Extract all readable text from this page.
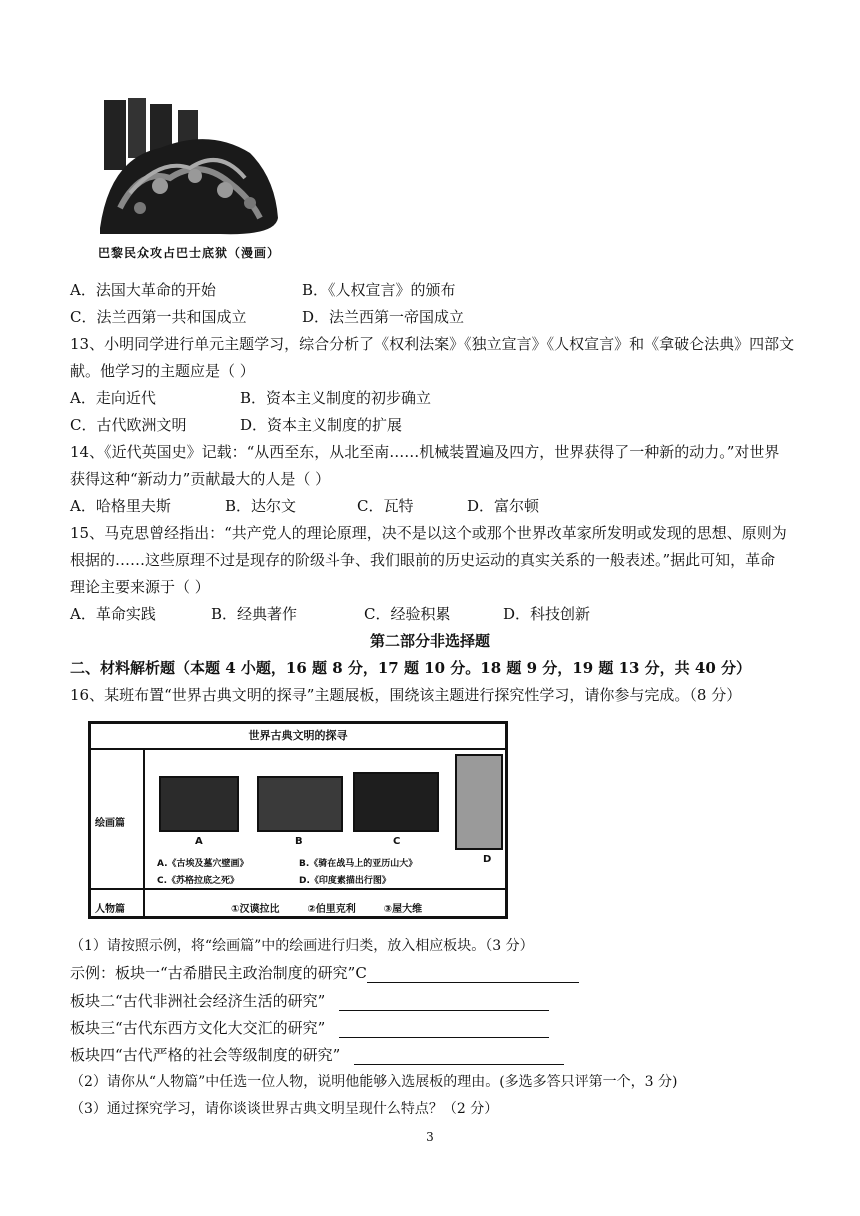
巴黎民众攻占巴士底狱（漫画）
A．法国大革命的开始	B．《人权宣言》的颁布
C．法兰西第一共和国成立	D．法兰西第一帝国成立
13、小明同学进行单元主题学习，综合分析了《权利法案》《独立宣言》《人权宣言》和《拿破仑法典》四部文
献。他学习的主题应是（ ）
A．走向近代	B．资本主义制度的初步确立
C．古代欧洲文明	D．资本主义制度的扩展
14、《近代英国史》记载：“从西至东，从北至南……机械装置遍及四方，世界获得了一种新的动力。”对世界
获得这种“新动力”贡献最大的人是（ ）
A．哈格里夫斯	B．达尔文	C．瓦特	D．富尔顿
15、马克思曾经指出：“共产党人的理论原理，决不是以这个或那个世界改革家所发明或发现的思想、原则为
根据的……这些原理不过是现存的阶级斗争、我们眼前的历史运动的真实关系的一般表述。”据此可知，革命
理论主要来源于（ ）
A．革命实践	B．经典著作	C．经验积累	D．科技创新
第二部分非选择题
二、材料解析题（本题 4 小题，16 题 8 分，17 题 10 分。18 题 9 分，19 题 13 分，共 40 分）
16、某班布置“世界古典文明的探寻”主题展板，围绕该主题进行探究性学习，请你参与完成。（8 分）
世界古典文明的探寻
绘画篇
人物篇
A	B	C
D
A.《古埃及墓穴壁画》	B.《骑在战马上的亚历山大》
C.《苏格拉底之死》	D.《印度素描出行图》
①汉谟拉比        ②伯里克利        ③屋大维
（1）请按照示例，将“绘画篇”中的绘画进行归类，放入相应板块。（3 分）
示例：板块一“古希腊民主政治制度的研究”C
板块二“古代非洲社会经济生活的研究”
板块三“古代东西方文化大交汇的研究”
板块四“古代严格的社会等级制度的研究”
（2）请你从“人物篇”中任选一位人物，说明他能够入选展板的理由。(多选多答只评第一个，3 分)
（3）通过探究学习，请你谈谈世界古典文明呈现什么特点？（2 分）
3
